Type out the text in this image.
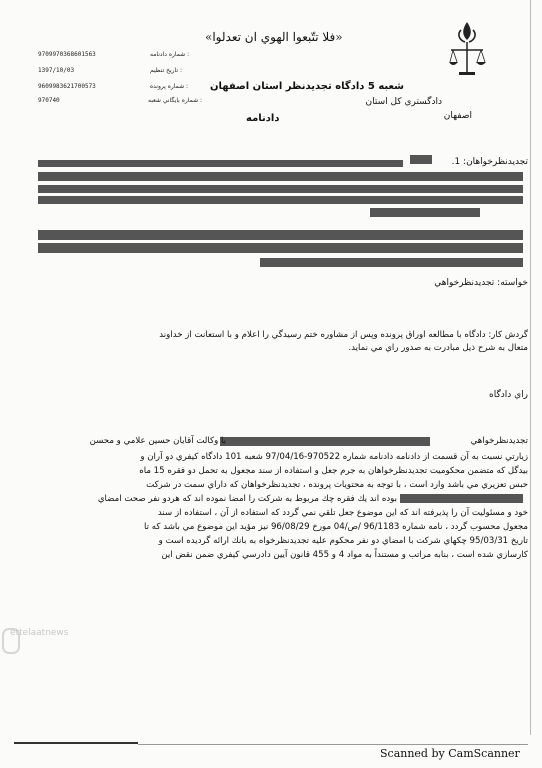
«فلا تتّبعوا الهوي ان تعدلوا»
شماره دادنامه :
9709970368601563
تاريخ تنظيم :
1397/10/03
شماره پرونده :
9609983621700573
شماره بايگاني شعبه :
970740
شعبه 5 دادگاه تجدیدنظر استان اصفهان
دادگستري كل استان
اصفهان
دادنامه
تجديدنظرخواهان: 1.
خواسته: تجديدنظرخواهي
گردش كار: دادگاه با مطالعه اوراق پرونده وپس از مشاوره ختم رسيدگي را اعلام و با استعانت از خداوند
متعال به شرح ذيل مبادرت به صدور راي مي نمايد.
راي دادگاه
تجديدنظرخواهي
با وكالت آقايان حسين علامي و محسن
زيارتي نسبت به آن قسمت از دادنامه دادنامه شماره 970522-97/04/16 شعبه 101 دادگاه كيفري دو آران و
بيدگل كه متضمن محكوميت تجديدنظرخواهان به جرم جعل و استفاده از سند مجعول به تحمل دو فقره 15 ماه
حبس تعزيري مي باشد وارد است ، با توجه به محتويات پرونده ، تجديدنظرخواهان كه داراي سمت در شركت
بوده اند يك فقره چك مربوط به شركت را امضا نموده اند كه هردو نفر صحت امضاي
خود و مسئوليت آن را پذيرفته اند كه اين موضوع جعل تلقي نمي گردد كه استفاده از آن ، استفاده از سند
مجعول محسوب گردد ، نامه شماره 96/1183 /ص/04 مورخ 96/08/29 نيز مؤيد اين موضوع مي باشد كه تا
تاريخ 95/03/31 چكهاي شركت با امضاي دو نفر محكوم عليه تجديدنظرخواه به بانك ارائه گرديده است و
كارسازي شده است ، بنابه مراتب و مستنداً به مواد 4 و 455 قانون آيين دادرسي كيفري ضمن نقض اين
ettelaatnews
Scanned by CamScanner
